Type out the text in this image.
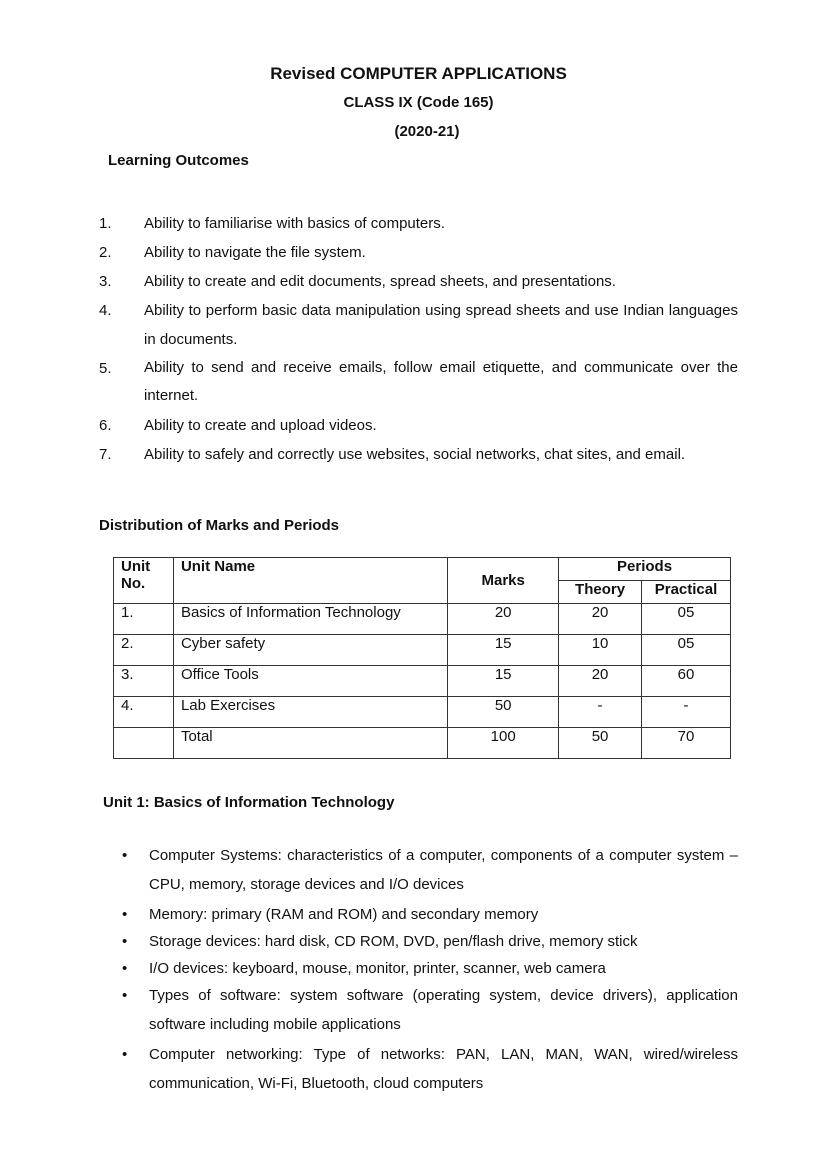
Revised COMPUTER APPLICATIONS
CLASS IX (Code 165)
(2020-21)
Learning Outcomes
1. Ability to familiarise with basics of computers.
2. Ability to navigate the file system.
3. Ability to create and edit documents, spread sheets, and presentations.
4. Ability to perform basic data manipulation using spread sheets and use Indian languages in documents.
5. Ability to send and receive emails, follow email etiquette, and communicate over the internet.
6. Ability to create and upload videos.
7. Ability to safely and correctly use websites, social networks, chat sites, and email.
Distribution of Marks and Periods
Unit No.	Unit Name	Marks	Periods	
			Theory	Practical
1.	Basics of Information Technology	20	20	05
2.	Cyber safety	15	10	05
3.	Office Tools	15	20	60
4.	Lab Exercises	50	-	-
	Total	100	50	70
Unit 1: Basics of Information Technology
• Computer Systems: characteristics of a computer, components of a computer system – CPU, memory, storage devices and I/O devices
• Memory: primary (RAM and ROM) and secondary memory
• Storage devices: hard disk, CD ROM, DVD, pen/flash drive, memory stick
• I/O devices: keyboard, mouse, monitor, printer, scanner, web camera
• Types of software: system software (operating system, device drivers), application software including mobile applications
• Computer networking: Type of networks: PAN, LAN, MAN, WAN, wired/wireless communication, Wi-Fi, Bluetooth, cloud computers
